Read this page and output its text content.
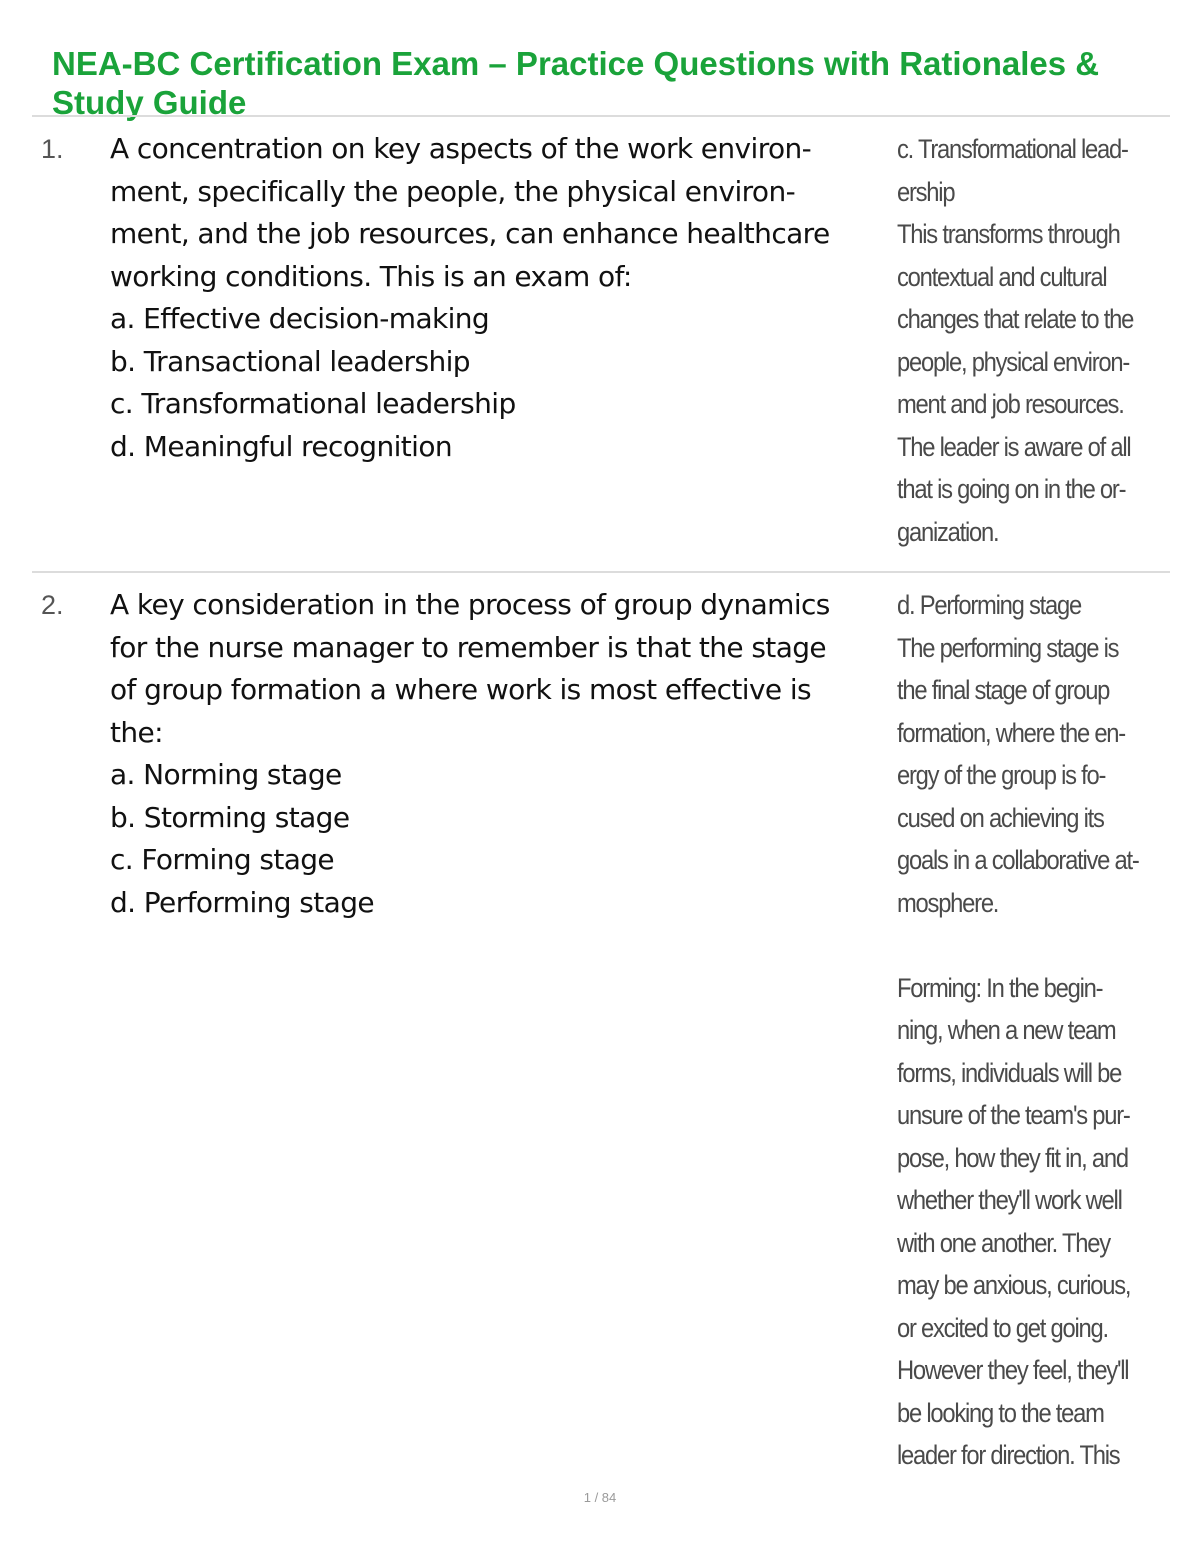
NEA-BC Certification Exam – Practice Questions with Rationales &
Study Guide
1. A concentration on key aspects of the work environ-
ment, specifically the people, the physical environ-
ment, and the job resources, can enhance healthcare
working conditions. This is an exam of:
a. Effective decision-making
b. Transactional leadership
c. Transformational leadership
d. Meaningful recognition
c. Transformational lead-
ership
This transforms through
contextual and cultural
changes that relate to the
people, physical environ-
ment and job resources.
The leader is aware of all
that is going on in the or-
ganization.
2. A key consideration in the process of group dynamics
for the nurse manager to remember is that the stage
of group formation a where work is most effective is
the:
a. Norming stage
b. Storming stage
c. Forming stage
d. Performing stage
d. Performing stage
The performing stage is
the final stage of group
formation, where the en-
ergy of the group is fo-
cused on achieving its
goals in a collaborative at-
mosphere.
Forming: In the begin-
ning, when a new team
forms, individuals will be
unsure of the team's pur-
pose, how they fit in, and
whether they'll work well
with one another. They
may be anxious, curious,
or excited to get going.
However they feel, they'll
be looking to the team
leader for direction. This
1 / 84
